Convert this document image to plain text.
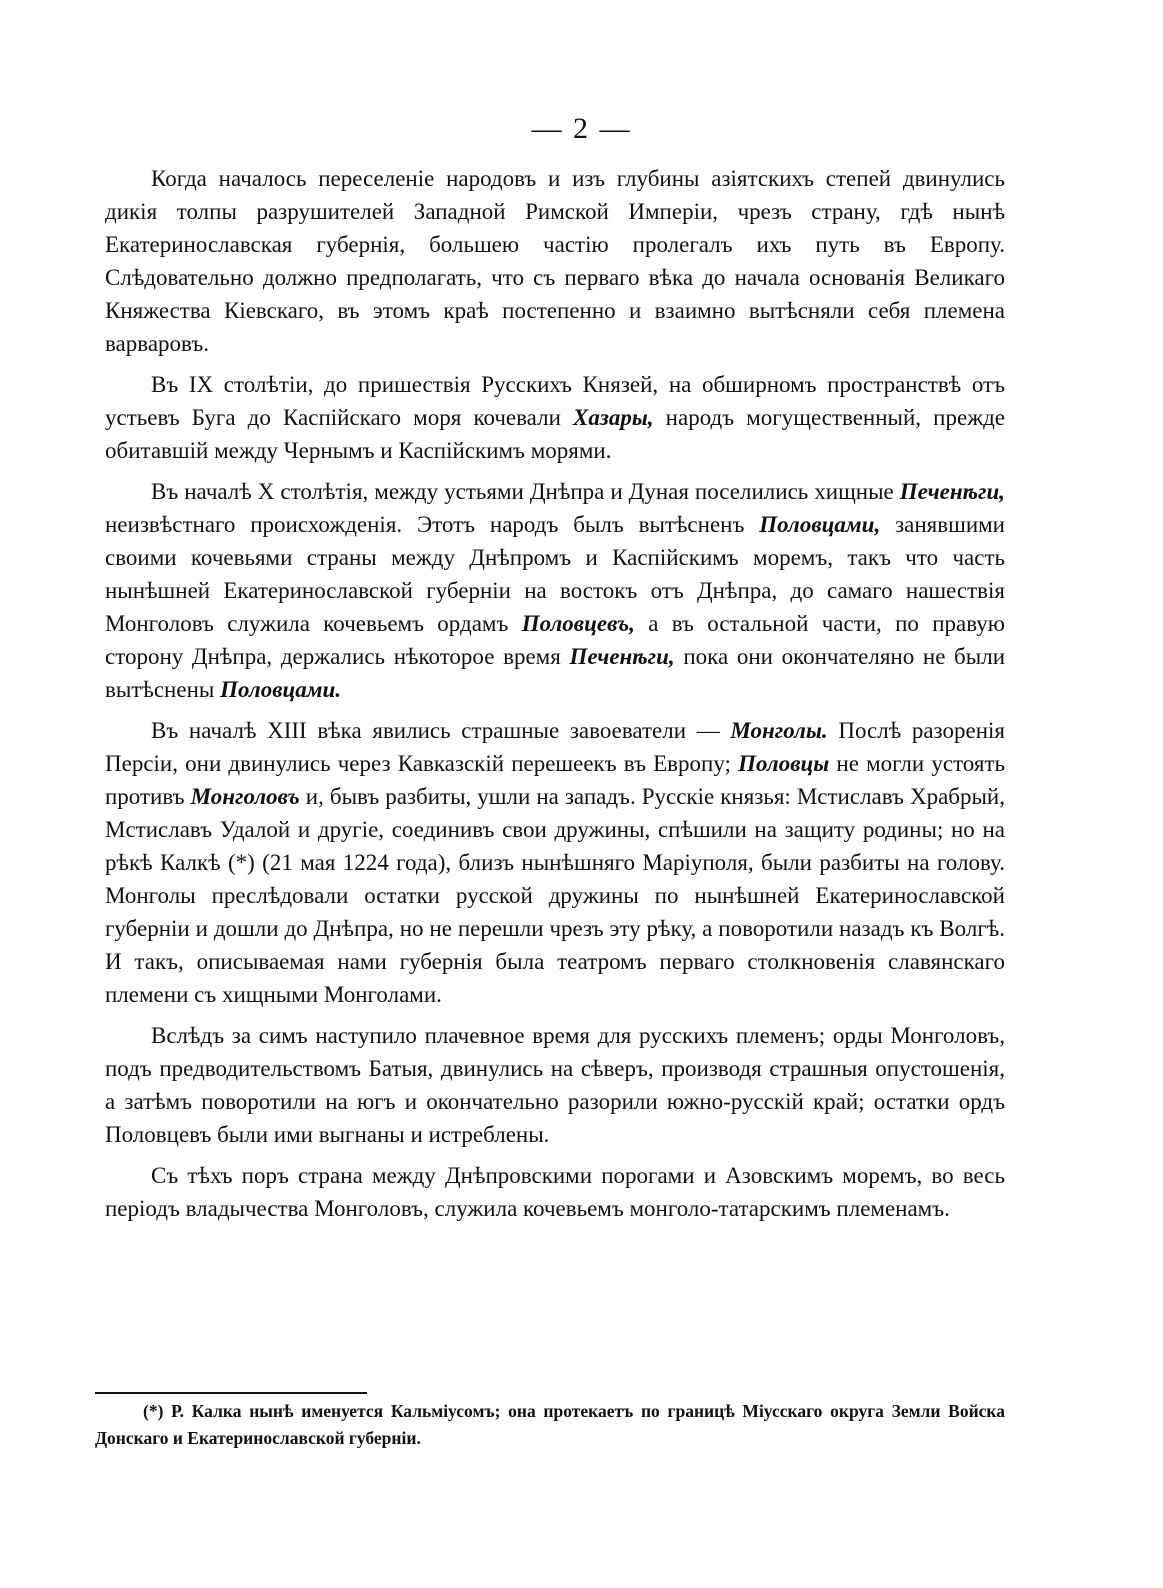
— 2 —

Когда началось переселеніе народовъ и изъ глубины азіятскихъ степей двинулись дикія толпы разрушителей Западной Римской Имперіи, чрезъ страну, гдѣ нынѣ Екатеринославская губернія, большею частію пролегалъ ихъ путь въ Европу. Слѣдовательно должно предполагать, что съ перваго вѣка до начала основанія Великаго Княжества Кіевскаго, въ этомъ краѣ постепенно и взаимно вытѣсняли себя племена варваровъ.

Въ IX столѣтіи, до пришествія Русскихъ Князей, на обширномъ пространствѣ отъ устьевъ Буга до Каспійскаго моря кочевали Хазары, народъ могущественный, прежде обитавшій между Чернымъ и Каспійскимъ морями.

Въ началѣ X столѣтія, между устьями Днѣпра и Дуная поселились хищные Печенѣги, неизвѣстнаго происхожденія. Этотъ народъ былъ вытѣсненъ Половцами, занявшими своими кочевьями страны между Днѣпромъ и Каспійскимъ моремъ, такъ что часть нынѣшней Екатеринославской губерніи на востокъ отъ Днѣпра, до самаго нашествія Монголовъ служила кочевьемъ ордамъ Половцевъ, а въ остальной части, по правую сторону Днѣпра, держались нѣкоторое время Печенѣги, пока они окончателяно не были вытѣснены Половцами.

Въ началѣ XIII вѣка явились страшные завоеватели — Монголы. Послѣ разоренія Персіи, они двинулись через Кавказскій перешеекъ въ Европу; Половцы не могли устоять противъ Монголовъ и, бывъ разбиты, ушли на западъ. Русскіе князья: Мстиславъ Храбрый, Мстиславъ Удалой и другіе, соединивъ свои дружины, спѣшили на защиту родины; но на рѣкѣ Калкѣ (*) (21 мая 1224 года), близъ нынѣшняго Маріуполя, были разбиты на голову. Монголы преслѣдовали остатки русской дружины по нынѣшней Екатеринославской губерніи и дошли до Днѣпра, но не перешли чрезъ эту рѣку, а поворотили назадъ къ Волгѣ. И такъ, описываемая нами губернія была театромъ перваго столкновенія славянскаго племени съ хищными Монголами.

Вслѣдъ за симъ наступило плачевное время для русскихъ племенъ; орды Монголовъ, подъ предводительствомъ Батыя, двинулись на сѣверъ, производя страшныя опустошенія, а затѣмъ поворотили на югъ и окончательно разорили южно-русскій край; остатки ордъ Половцевъ были ими выгнаны и истреблены.

Съ тѣхъ поръ страна между Днѣпровскими порогами и Азовскимъ моремъ, во весь періодъ владычества Монголовъ, служила кочевьемъ монголо-татарскимъ племенамъ.

(*) Р. Калка нынѣ именуется Кальміусомъ; она протекаетъ по границѣ Міусскаго округа Земли Войска Донскаго и Екатеринославской губерніи.
